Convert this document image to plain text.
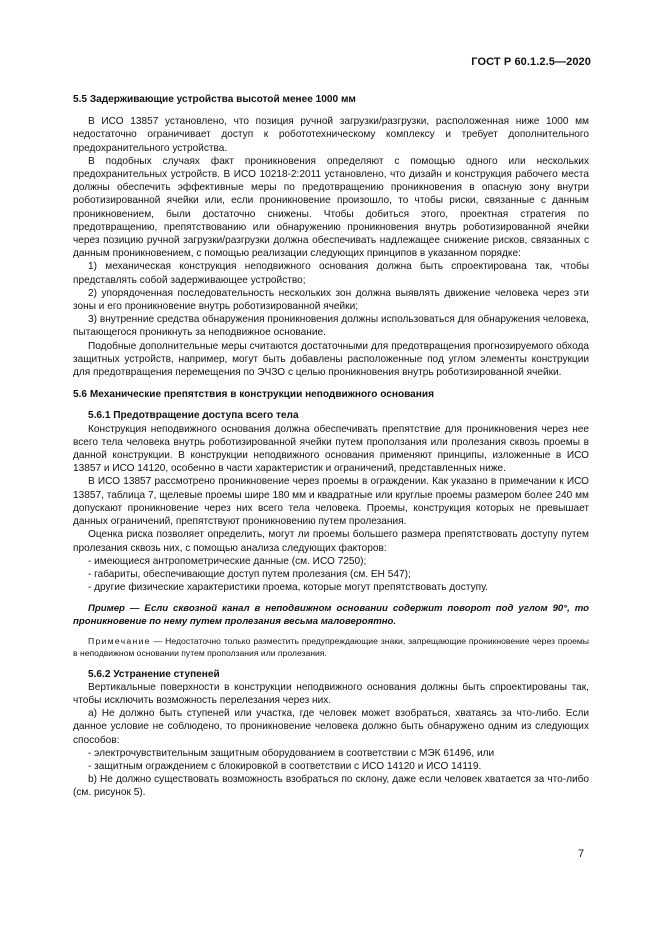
ГОСТ Р 60.1.2.5—2020

5.5 Задерживающие устройства высотой менее 1000 мм

В ИСО 13857 установлено, что позиция ручной загрузки/разгрузки, расположенная ниже 1000 мм недостаточно ограничивает доступ к робототехническому комплексу и требует дополнительного предохранительного устройства.

В подобных случаях факт проникновения определяют с помощью одного или нескольких предохранительных устройств. В ИСО 10218-2:2011 установлено, что дизайн и конструкция рабочего места должны обеспечить эффективные меры по предотвращению проникновения в опасную зону внутри роботизированной ячейки или, если проникновение произошло, то чтобы риски, связанные с данным проникновением, были достаточно снижены. Чтобы добиться этого, проектная стратегия по предотвращению, препятствованию или обнаружению проникновения внутрь роботизированной ячейки через позицию ручной загрузки/разгрузки должна обеспечивать надлежащее снижение рисков, связанных с данным проникновением, с помощью реализации следующих принципов в указанном порядке:

1) механическая конструкция неподвижного основания должна быть спроектирована так, чтобы представлять собой задерживающее устройство;

2) упорядоченная последовательность нескольких зон должна выявлять движение человека через эти зоны и его проникновение внутрь роботизированной ячейки;

3) внутренние средства обнаружения проникновения должны использоваться для обнаружения человека, пытающегося проникнуть за неподвижное основание.

Подобные дополнительные меры считаются достаточными для предотвращения прогнозируемого обхода защитных устройств, например, могут быть добавлены расположенные под углом элементы конструкции для предотвращения перемещения по ЭЧЗО с целью проникновения внутрь роботизированной ячейки.

5.6 Механические препятствия в конструкции неподвижного основания

5.6.1 Предотвращение доступа всего тела

Конструкция неподвижного основания должна обеспечивать препятствие для проникновения через нее всего тела человека внутрь роботизированной ячейки путем проползания или пролезания сквозь проемы в данной конструкции. В конструкции неподвижного основания применяют принципы, изложенные в ИСО 13857 и ИСО 14120, особенно в части характеристик и ограничений, представленных ниже.

В ИСО 13857 рассмотрено проникновение через проемы в ограждении. Как указано в примечании к ИСО 13857, таблица 7, щелевые проемы шире 180 мм и квадратные или круглые проемы размером более 240 мм допускают проникновение через них всего тела человека. Проемы, конструкция которых не превышает данных ограничений, препятствуют проникновению путем пролезания.

Оценка риска позволяет определить, могут ли проемы большего размера препятствовать доступу путем пролезания сквозь них, с помощью анализа следующих факторов:

- имеющиеся антропометрические данные (см. ИСО 7250);

- габариты, обеспечивающие доступ путем пролезания (см. ЕН 547);

- другие физические характеристики проема, которые могут препятствовать доступу.

Пример — Если сквозной канал в неподвижном основании содержит поворот под углом 90°, то проникновение по нему путем пролезания весьма маловероятно.

Примечание — Недостаточно только разместить предупреждающие знаки, запрещающие проникновение через проемы в неподвижном основании путем проползания или пролезания.

5.6.2 Устранение ступеней

Вертикальные поверхности в конструкции неподвижного основания должны быть спроектированы так, чтобы исключить возможность перелезания через них.

а) Не должно быть ступеней или участка, где человек может взобраться, хватаясь за что-либо. Если данное условие не соблюдено, то проникновение человека должно быть обнаружено одним из следующих способов:

- электрочувствительным защитным оборудованием в соответствии с МЭК 61496, или

- защитным ограждением с блокировкой в соответствии с ИСО 14120 и ИСО 14119.

b) Не должно существовать возможность взобраться по склону, даже если человек хватается за что-либо (см. рисунок 5).

7
